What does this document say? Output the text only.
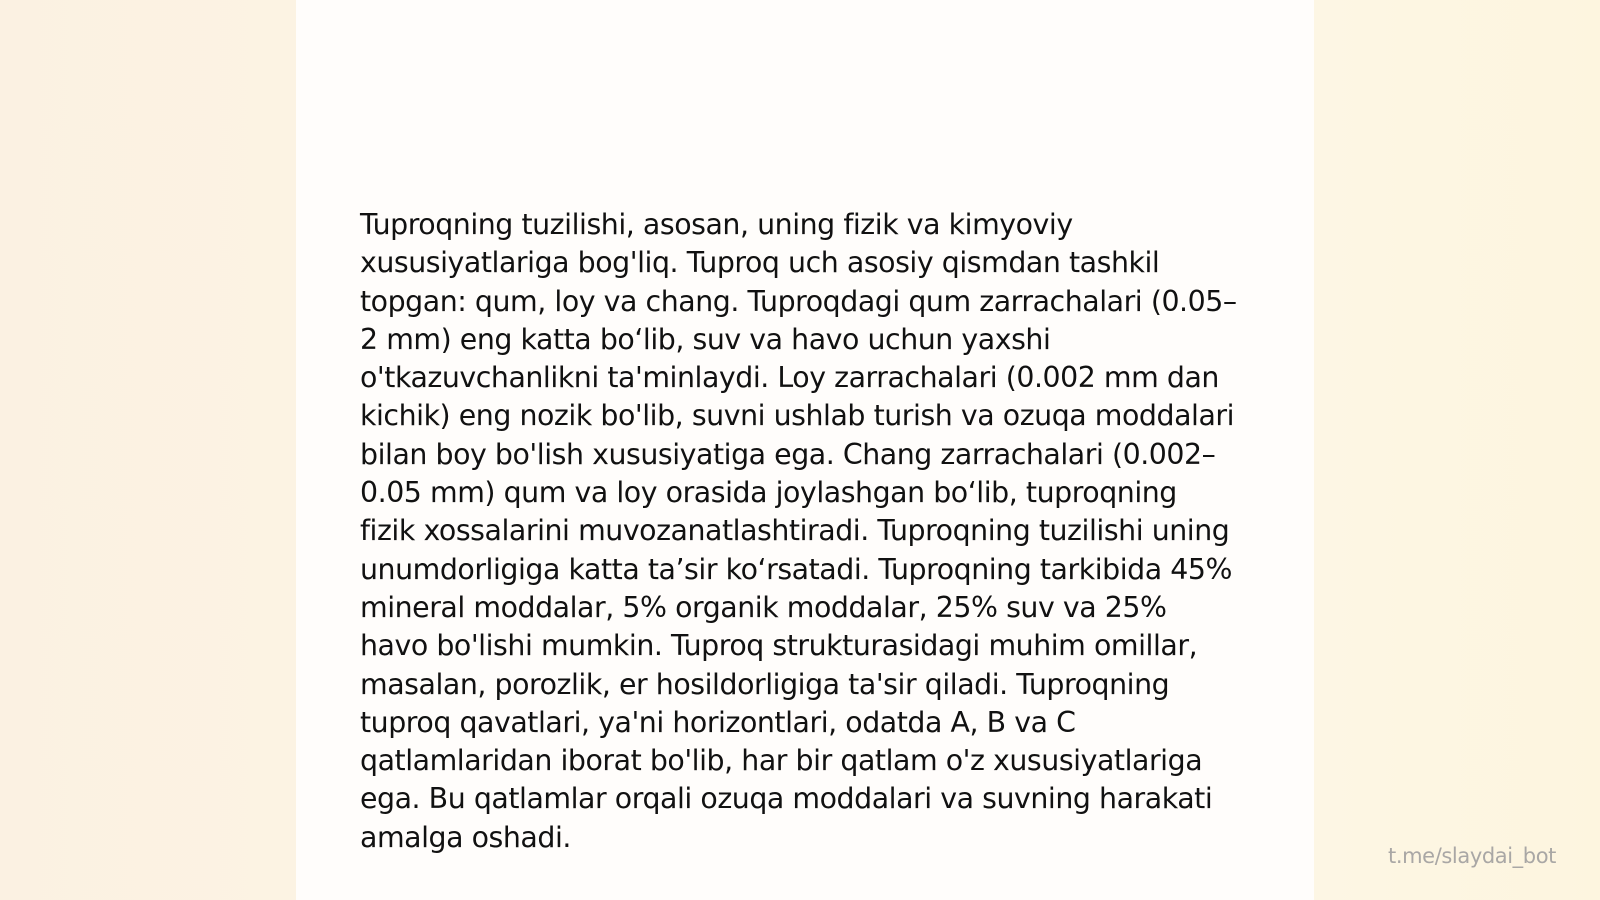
Tuproqning tuzilishi, asosan, uning fizik va kimyoviy xususiyatlariga bog'liq. Tuproq uch asosiy qismdan tashkil topgan: qum, loy va chang. Tuproqdagi qum zarrachalari (0.05–2 mm) eng katta bo‘lib, suv va havo uchun yaxshi o'tkazuvchanlikni ta'minlaydi. Loy zarrachalari (0.002 mm dan kichik) eng nozik bo'lib, suvni ushlab turish va ozuqa moddalari bilan boy bo'lish xususiyatiga ega. Chang zarrachalari (0.002–0.05 mm) qum va loy orasida joylashgan bo‘lib, tuproqning fizik xossalarini muvozanatlashtiradi. Tuproqning tuzilishi uning unumdorligiga katta ta’sir ko‘rsatadi. Tuproqning tarkibida 45% mineral moddalar, 5% organik moddalar, 25% suv va 25% havo bo'lishi mumkin. Tuproq strukturasidagi muhim omillar, masalan, porozlik, er hosildorligiga ta'sir qiladi. Tuproqning tuproq qavatlari, ya'ni horizontlari, odatda A, B va C qatlamlaridan iborat bo'lib, har bir qatlam o'z xususiyatlariga ega. Bu qatlamlar orqali ozuqa moddalari va suvning harakati amalga oshadi.

t.me/slaydai_bot
